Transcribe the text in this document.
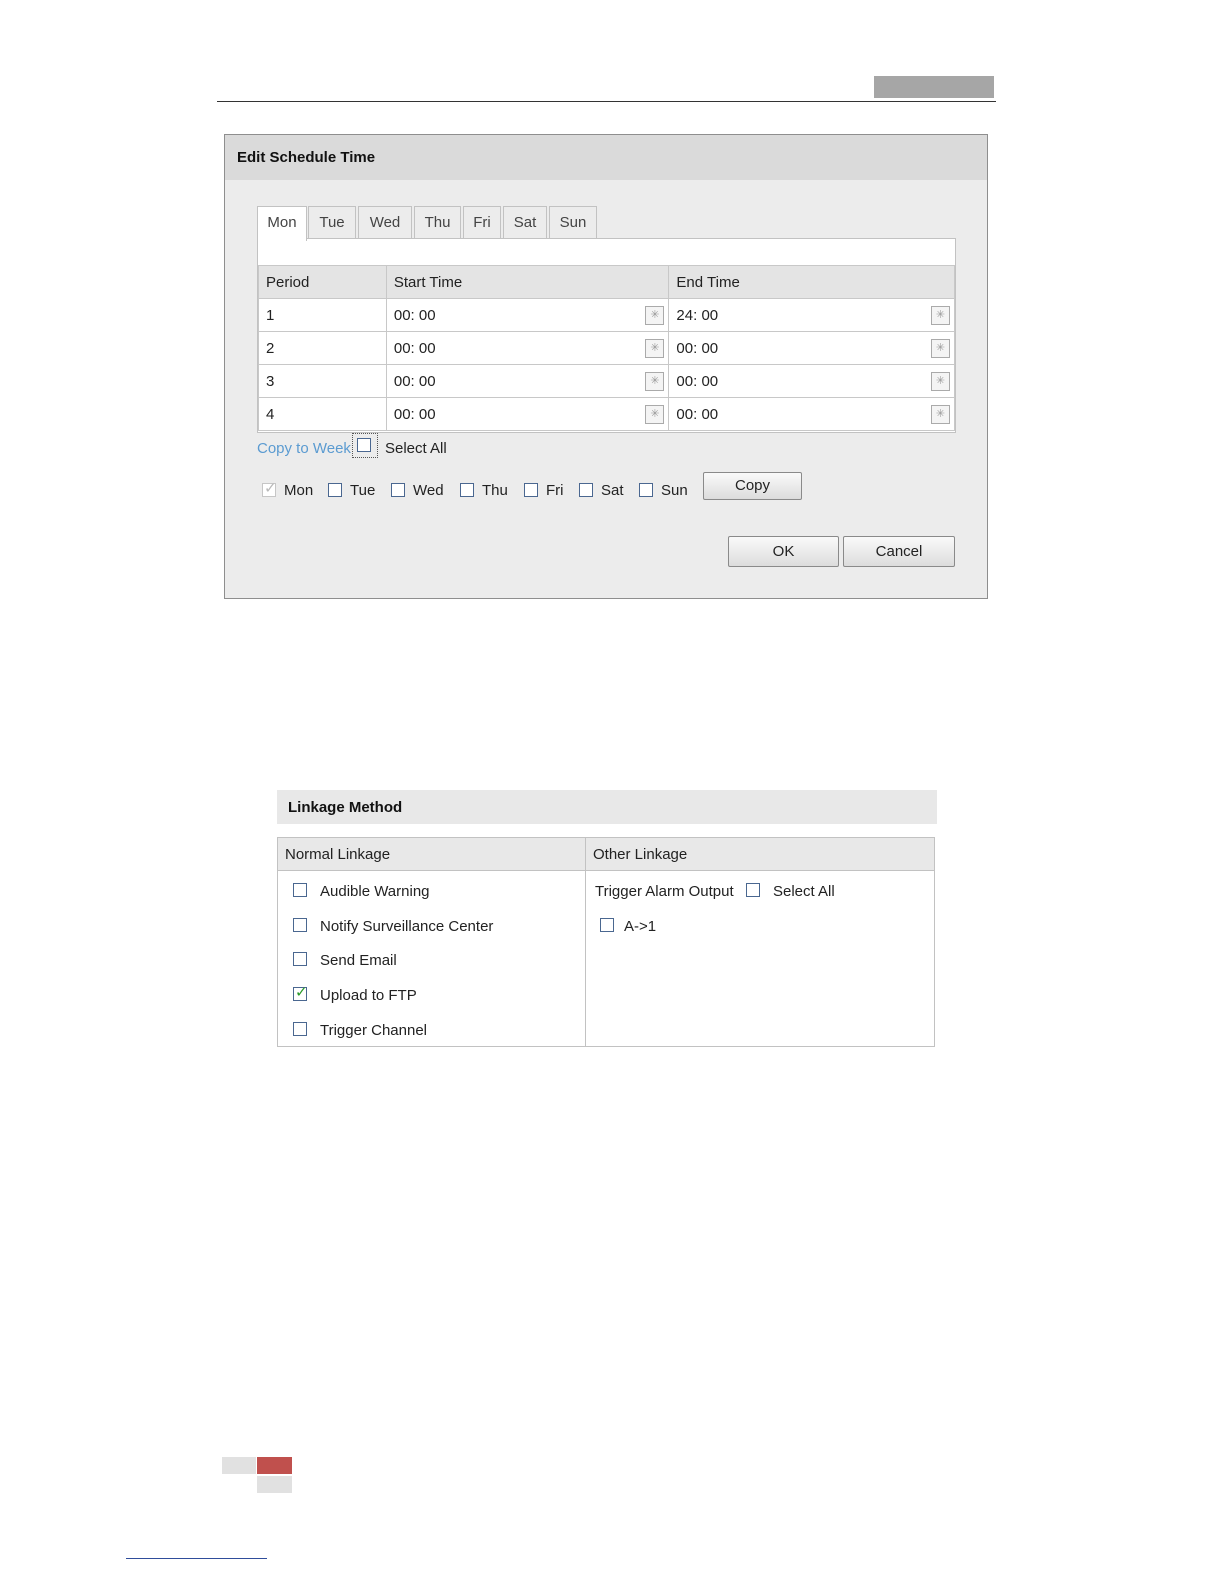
Edit Schedule Time
Mon	Tue	Wed	Thu	Fri	Sat	Sun
Period	Start Time	End Time
1	00: 00 ✳	24: 00 ✳

2	00: 00 ✳	00: 00 ✳

3	00: 00 ✳	00: 00 ✳

4	00: 00 ✳	00: 00 ✳
Copy to Week Select All
✓Mon	Tue	Wed	Thu	Fri	Sat	Sun	Copy
OK	Cancel
Linkage Method
Normal Linkage	Other Linkage
Audible Warning
Notify Surveillance Center
Send Email
✓Upload to FTP
Trigger Channel
Trigger Alarm Output	Select All
A->1
